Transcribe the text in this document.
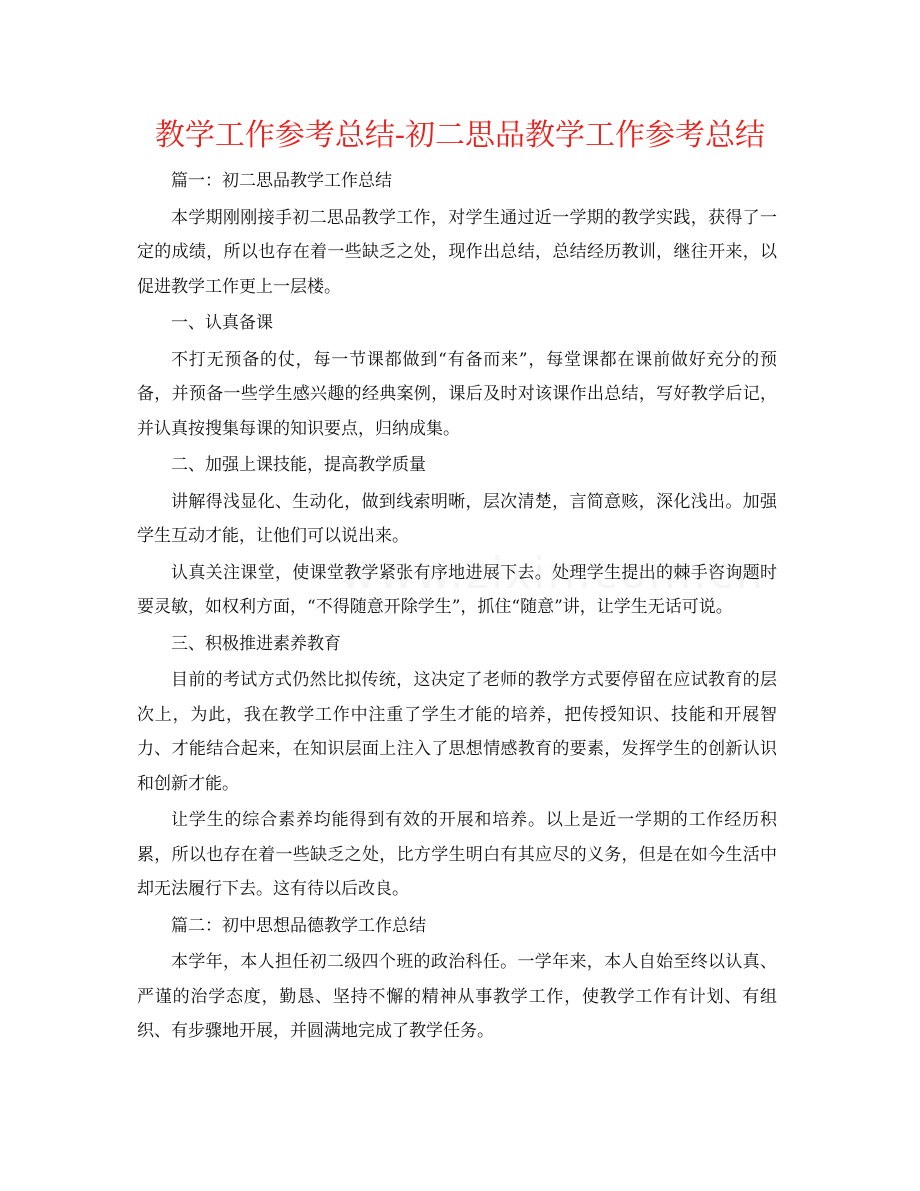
教学工作参考总结-初二思品教学工作参考总结

篇一：初二思品教学工作总结

本学期刚刚接手初二思品教学工作，对学生通过近一学期的教学实践，获得了一定的成绩，所以也存在着一些缺乏之处，现作出总结，总结经历教训，继往开来，以促进教学工作更上一层楼。

一、认真备课

不打无预备的仗，每一节课都做到“有备而来”，每堂课都在课前做好充分的预备，并预备一些学生感兴趣的经典案例，课后及时对该课作出总结，写好教学后记，并认真按搜集每课的知识要点，归纳成集。

二、加强上课技能，提高教学质量

讲解得浅显化、生动化，做到线索明晰，层次清楚，言简意赅，深化浅出。加强学生互动才能，让他们可以说出来。

认真关注课堂，使课堂教学紧张有序地进展下去。处理学生提出的棘手咨询题时要灵敏，如权利方面，“不得随意开除学生”，抓住“随意”讲，让学生无话可说。

三、积极推进素养教育

目前的考试方式仍然比拟传统，这决定了老师的教学方式要停留在应试教育的层次上，为此，我在教学工作中注重了学生才能的培养，把传授知识、技能和开展智力、才能结合起来，在知识层面上注入了思想情感教育的要素，发挥学生的创新认识和创新才能。

让学生的综合素养均能得到有效的开展和培养。以上是近一学期的工作经历积累，所以也存在着一些缺乏之处，比方学生明白有其应尽的义务，但是在如今生活中却无法履行下去。这有待以后改良。

篇二：初中思想品德教学工作总结

本学年，本人担任初二级四个班的政治科任。一学年来，本人自始至终以认真、严谨的治学态度，勤恳、坚持不懈的精神从事教学工作，使教学工作有计划、有组织、有步骤地开展，并圆满地完成了教学任务。
